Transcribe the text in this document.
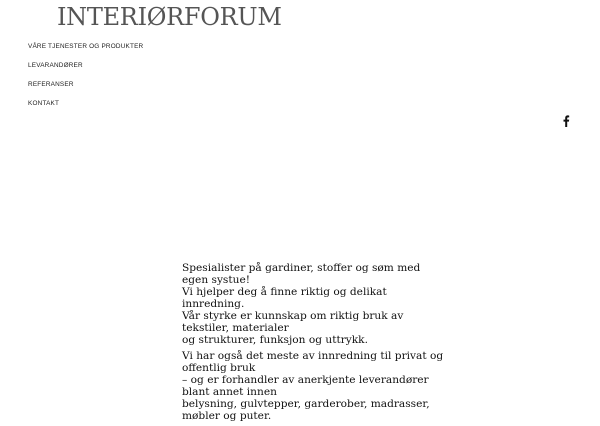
INTERIØRFORUM
VÅRE TJENESTER OG PRODUKTER
LEVARANDØRER
REFERANSER
KONTAKT

Spesialister på gardiner, stoffer og søm med egen systue!
Vi hjelper deg å finne riktig og delikat innredning.
Vår styrke er kunnskap om riktig bruk av tekstiler, materialer
og strukturer, funksjon og uttrykk.

Vi har også det meste av innredning til privat og offentlig bruk
– og er forhandler av anerkjente leverandører blant annet innen
belysning, gulvtepper, garderober, madrasser, møbler og puter.
